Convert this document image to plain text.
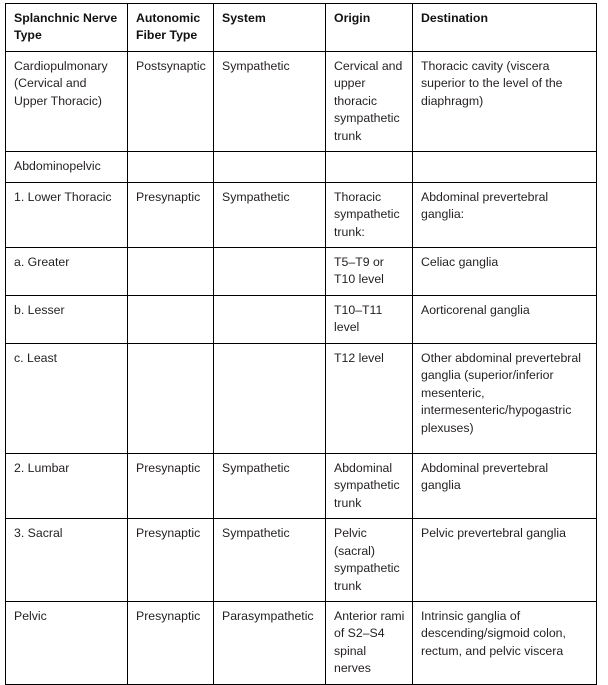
Splanchnic Nerve Type	Autonomic Fiber Type	System	Origin	Destination
Cardiopulmonary (Cervical and Upper Thoracic)	Postsynaptic	Sympathetic	Cervical and upper thoracic sympathetic trunk	Thoracic cavity (viscera superior to the level of the diaphragm)
Abdominopelvic				
1. Lower Thoracic	Presynaptic	Sympathetic	Thoracic sympathetic trunk:	Abdominal prevertebral ganglia:
a. Greater			T5–T9 or T10 level	Celiac ganglia
b. Lesser			T10–T11 level	Aorticorenal ganglia
c. Least			T12 level	Other abdominal prevertebral ganglia (superior/inferior mesenteric, intermesenteric/hypogastric plexuses)
2. Lumbar	Presynaptic	Sympathetic	Abdominal sympathetic trunk	Abdominal prevertebral ganglia
3. Sacral	Presynaptic	Sympathetic	Pelvic (sacral) sympathetic trunk	Pelvic prevertebral ganglia
Pelvic	Presynaptic	Parasympathetic	Anterior rami of S2–S4 spinal nerves	Intrinsic ganglia of descending/sigmoid colon, rectum, and pelvic viscera
